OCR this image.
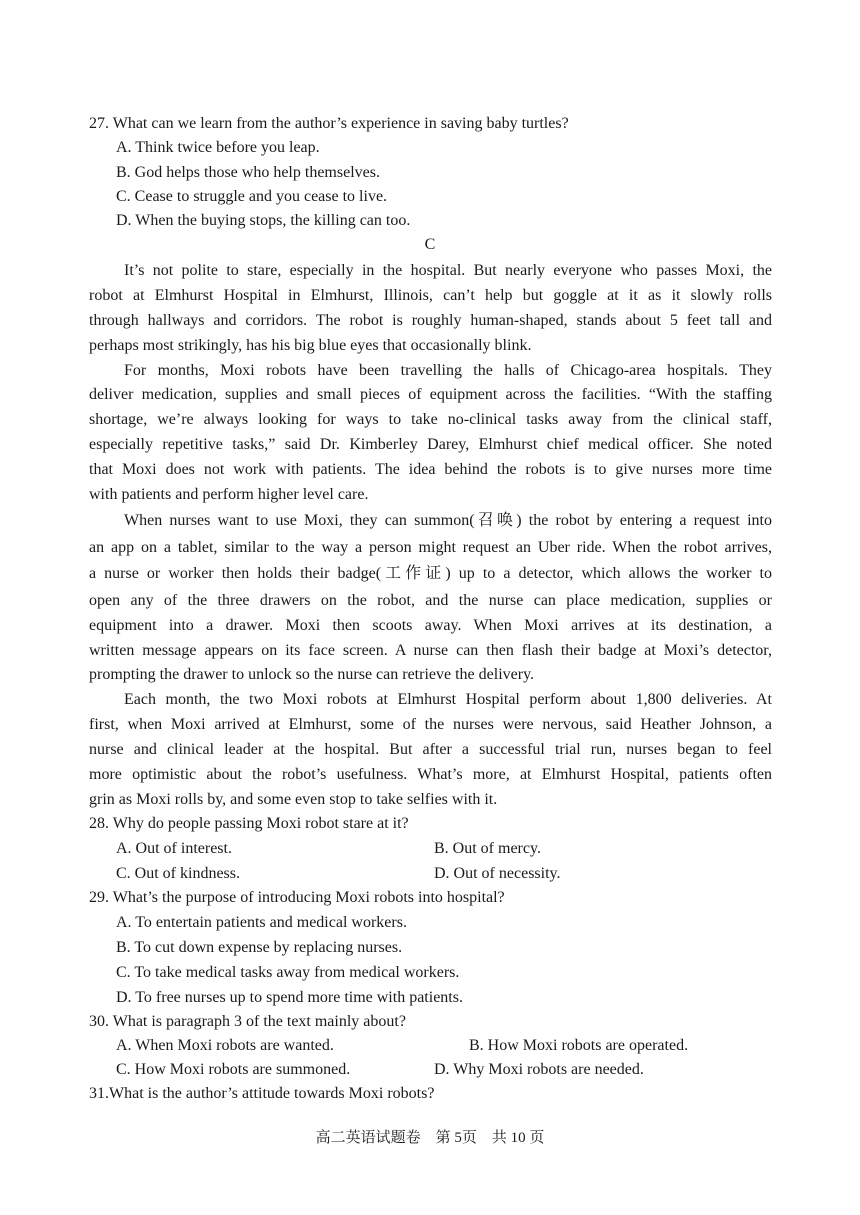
27. What can we learn from the author’s experience in saving baby turtles?
A. Think twice before you leap.
B. God helps those who help themselves.
C. Cease to struggle and you cease to live.
D. When the buying stops, the killing can too.
C
It’s not polite to stare, especially in the hospital. But nearly everyone who passes Moxi, the
robot at Elmhurst Hospital in Elmhurst, Illinois, can’t help but goggle at it as it slowly rolls
through hallways and corridors. The robot is roughly human-shaped, stands about 5 feet tall and
perhaps most strikingly, has his big blue eyes that occasionally blink.
For months, Moxi robots have been travelling the halls of Chicago-area hospitals. They
deliver medication, supplies and small pieces of equipment across the facilities. “With the staffing
shortage, we’re always looking for ways to take no-clinical tasks away from the clinical staff,
especially repetitive tasks,” said Dr. Kimberley Darey, Elmhurst chief medical officer. She noted
that Moxi does not work with patients. The idea behind the robots is to give nurses more time
with patients and perform higher level care.
When nurses want to use Moxi, they can summon(召唤) the robot by entering a request into
an app on a tablet, similar to the way a person might request an Uber ride. When the robot arrives,
a nurse or worker then holds their badge(工作证) up to a detector, which allows the worker to
open any of the three drawers on the robot, and the nurse can place medication, supplies or
equipment into a drawer. Moxi then scoots away. When Moxi arrives at its destination, a
written message appears on its face screen. A nurse can then flash their badge at Moxi’s detector,
prompting the drawer to unlock so the nurse can retrieve the delivery.
Each month, the two Moxi robots at Elmhurst Hospital perform about 1,800 deliveries. At
first, when Moxi arrived at Elmhurst, some of the nurses were nervous, said Heather Johnson, a
nurse and clinical leader at the hospital. But after a successful trial run, nurses began to feel
more optimistic about the robot’s usefulness. What’s more, at Elmhurst Hospital, patients often
grin as Moxi rolls by, and some even stop to take selfies with it.
28. Why do people passing Moxi robot stare at it?
A. Out of interest.	B. Out of mercy.
C. Out of kindness.	D. Out of necessity.
29. What’s the purpose of introducing Moxi robots into hospital?
A. To entertain patients and medical workers.
B. To cut down expense by replacing nurses.
C. To take medical tasks away from medical workers.
D. To free nurses up to spend more time with patients.
30. What is paragraph 3 of the text mainly about?
A. When Moxi robots are wanted.	B. How Moxi robots are operated.
C. How Moxi robots are summoned.	D. Why Moxi robots are needed.
31.What is the author’s attitude towards Moxi robots?
高二英语试题卷　第 5页　共 10 页
